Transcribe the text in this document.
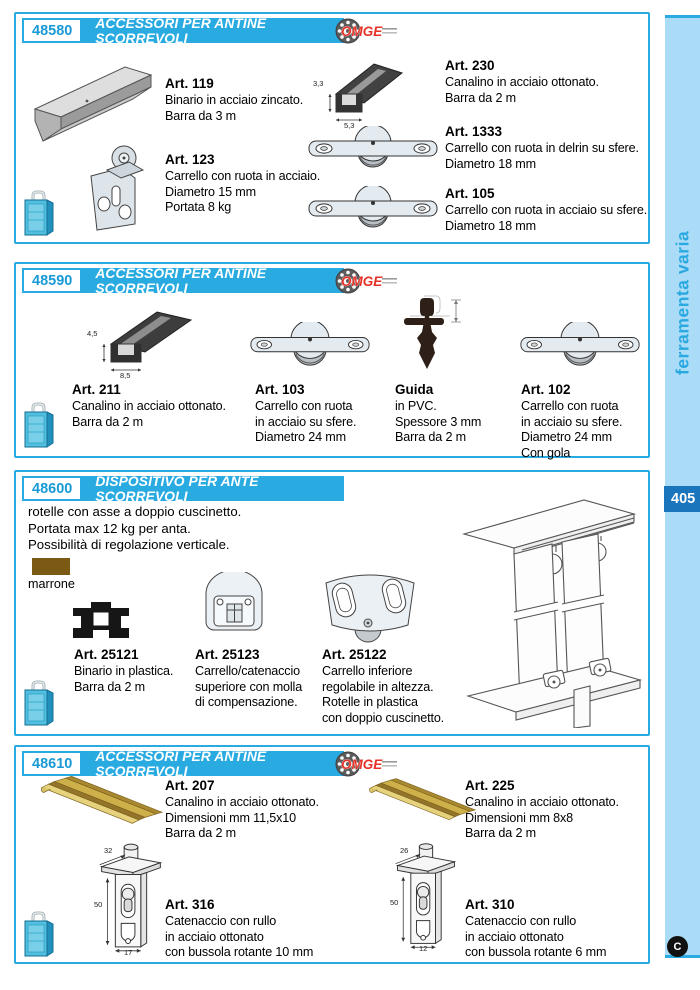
48580	ACCESSORI PER ANTINE SCORREVOLI
Art. 119
Binario in acciaio zincato.
Barra da 3 m
Art. 123
Carrello con ruota in acciaio.
Diametro 15 mm
Portata 8 kg
3,3
5,3
Art. 230
Canalino in acciaio ottonato.
Barra da 2 m
Art. 1333
Carrello con ruota in delrin su sfere.
Diametro 18 mm
Art. 105
Carrello con ruota in acciaio su sfere.
Diametro 18 mm
48590	ACCESSORI PER ANTINE SCORREVOLI
4,5
8,5
Art. 211
Canalino in acciaio ottonato.
Barra da 2 m
Art. 103
Carrello con ruota
in acciaio su sfere.
Diametro 24 mm
Guida
in PVC.
Spessore 3 mm
Barra da 2 m
Art. 102
Carrello con ruota
in acciaio su sfere.
Diametro 24 mm
Con gola
48600	DISPOSITIVO PER ANTE SCORREVOLI
rotelle con asse a doppio cuscinetto.
Portata max 12 kg per anta.
Possibilità di regolazione verticale.
marrone
Art. 25121
Binario in plastica.
Barra da 2 m
Art. 25123
Carrello/catenaccio
superiore con molla
di compensazione.
Art. 25122
Carrello inferiore
regolabile in altezza.
Rotelle in plastica
con doppio cuscinetto.
48610	ACCESSORI PER ANTINE SCORREVOLI
Art. 207
Canalino in acciaio ottonato.
Dimensioni mm 11,5x10
Barra da 2 m
Art. 225
Canalino in acciaio ottonato.
Dimensioni mm 8x8
Barra da 2 m
32
50
17
Art. 316
Catenaccio con rullo
in acciaio ottonato
con bussola rotante 10 mm
26
50
12
Art. 310
Catenaccio con rullo
in acciaio ottonato
con bussola rotante 6 mm
ferramenta varia
405
C
